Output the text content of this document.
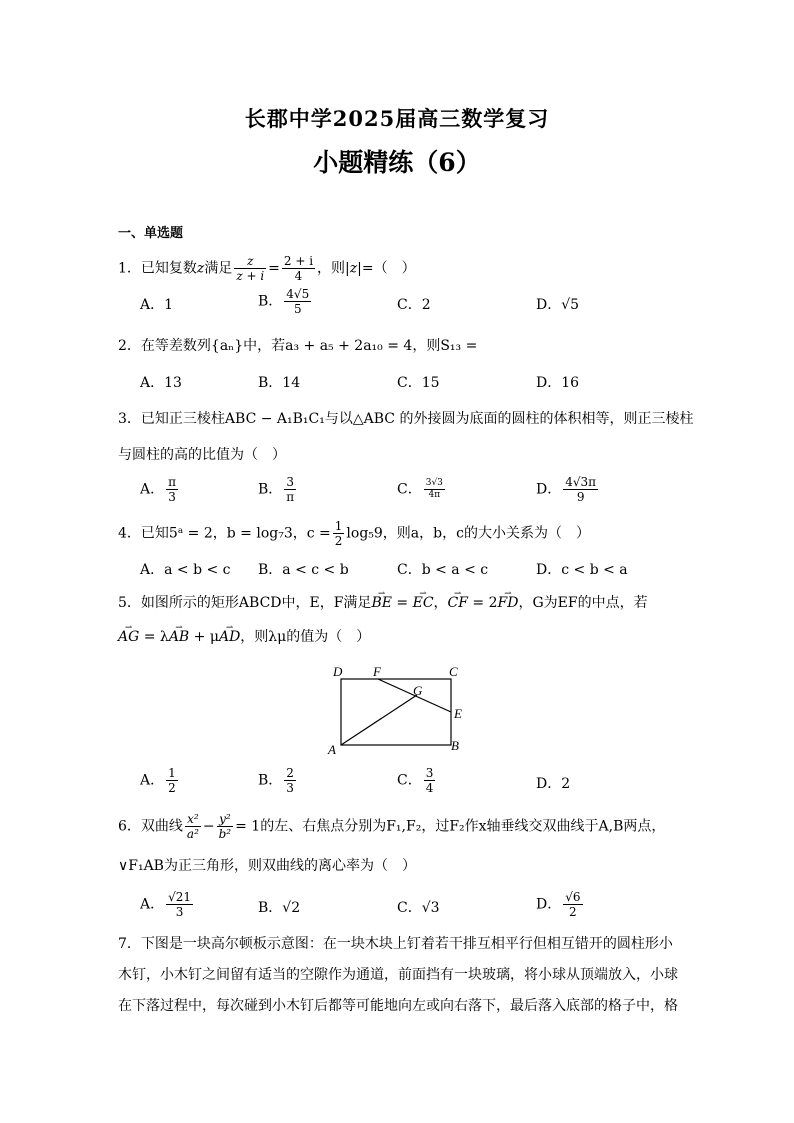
长郡中学2025届高三数学复习
小题精练（6）
一、单选题
1．已知复数z满足 $\frac{z}{z + i} = \frac{2 + i}{4}$ ，则|z|=（　）
A．1	B． $\frac{4√5}{5}$	C．2	D．√5
2．在等差数列{aₙ}中，若a₃ + a₅ + 2a₁₀ = 4，则S₁₃ =
A．13	B．14	C．15	D．16
3．已知正三棱柱ABC − A₁B₁C₁与以△ABC 的外接圆为底面的圆柱的体积相等，则正三棱柱
与圆柱的高的比值为（　）
A． $\frac{\pi}{3}$	B． $\frac{3}{\pi}$	C． $\frac{3√3}{4\pi}$	D． $\frac{4√3\pi}{9}$
4．已知5ᵃ = 2，b = log₇3，$c = \frac{1}{2} \log_59$，则a，b，c的大小关系为（　）
A．a < b < c B．a < c < b	C．b < a < c	D．c < b < a
5．如图所示的矩形ABCD中，E，F满足⇀ BE = ⇀ EC，⇀ CF = 2⇀ FD，G为EF的中点，若
⇀ AG = λ⇀ AB + μ⇀ AD，则λμ的值为（　）
D F	C
G
E
A	B
A． $\frac{1}{2}$	B． $\frac{2}{3}$	C． $\frac{3}{4}$	D．2
6．双曲线 $\frac{\text{x²}}{\text{a²}} - \frac{\text{y²}}{\text{b²}} = 1$的左、右焦点分别为F₁,F₂，过F₂作x轴垂线交双曲线于A,B两点，
∨F₁AB为正三角形，则双曲线的离心率为（　）
A． $\frac{√21}{3}$	B．√2	C．√3	D． $\frac{√6}{2}$
7．下图是一块高尔顿板示意图：在一块木块上钉着若干排互相平行但相互错开的圆柱形小木钉，小木钉之间留有适当的空隙作为通道，前面挡有一块玻璃，将小球从顶端放入，小球在下落过程中，每次碰到小木钉后都等可能地向左或向右落下，最后落入底部的格子中，格
